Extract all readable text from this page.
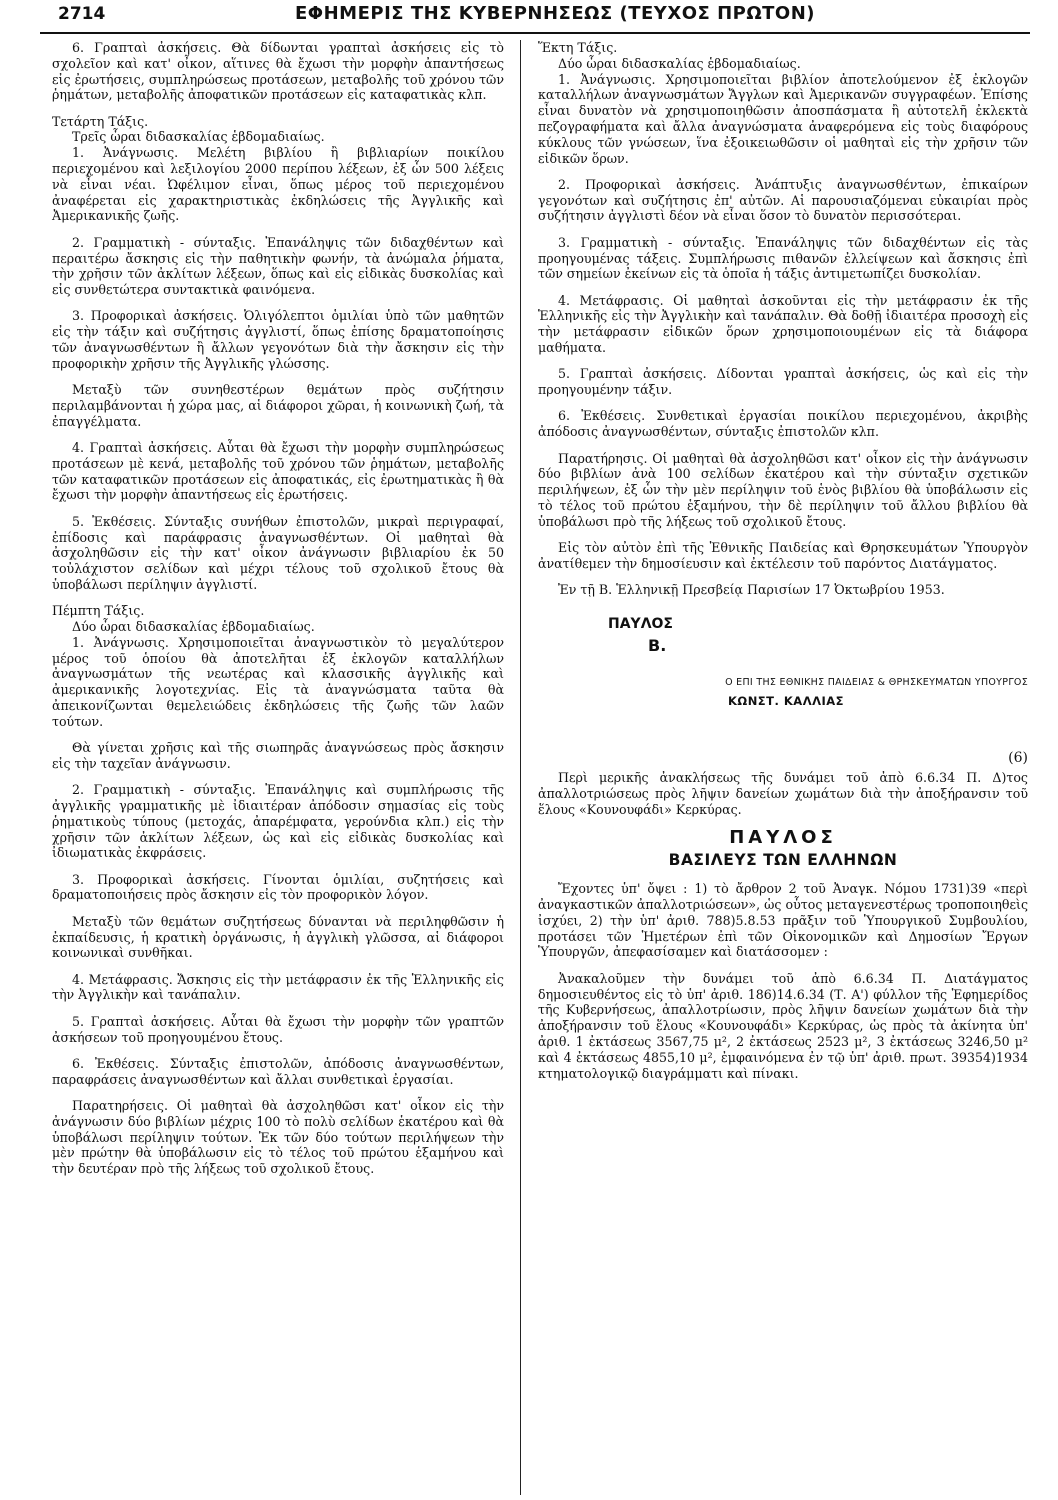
2714	ΕΦΗΜΕΡΙΣ ΤΗΣ ΚΥΒΕΡΝΗΣΕΩΣ (ΤΕΥΧΟΣ ΠΡΩΤΟΝ)

6. Γραπταὶ ἀσκήσεις. Θὰ δίδωνται γραπταὶ ἀσκήσεις εἰς τὸ σχολεῖον καὶ κατ' οἶκον, αἵτινες θὰ ἔχωσι τὴν μορφὴν ἀπαντήσεως εἰς ἐρωτήσεις, συμπληρώσεως προτάσεων, μεταβολῆς τοῦ χρόνου τῶν ῥημάτων, μεταβολῆς ἀποφατικῶν προτάσεων εἰς καταφατικὰς κλπ.

Τετάρτη Τάξις.

Τρεῖς ὧραι διδασκαλίας ἑβδομαδιαίως.

1. Ἀνάγνωσις. Μελέτη βιβλίου ἢ βιβλιαρίων ποικίλου περιεχομένου καὶ λεξιλογίου 2000 περίπου λέξεων, ἐξ ὧν 500 λέξεις νὰ εἶναι νέαι. Ὠφέλιμον εἶναι, ὅπως μέρος τοῦ περιεχομένου ἀναφέρεται εἰς χαρακτηριστικὰς ἐκδηλώσεις τῆς Ἀγγλικῆς καὶ Ἀμερικανικῆς ζωῆς.

2. Γραμματικὴ - σύνταξις. Ἐπανάληψις τῶν διδαχθέντων καὶ περαιτέρω ἄσκησις εἰς τὴν παθητικὴν φωνήν, τὰ ἀνώμαλα ῥήματα, τὴν χρῆσιν τῶν ἀκλίτων λέξεων, ὅπως καὶ εἰς εἰδικὰς δυσκολίας καὶ εἰς συνθετώτερα συντακτικὰ φαινόμενα.

3. Προφορικαὶ ἀσκήσεις. Ὀλιγόλεπτοι ὁμιλίαι ὑπὸ τῶν μαθητῶν εἰς τὴν τάξιν καὶ συζήτησις ἀγγλιστί, ὅπως ἐπίσης δραματοποίησις τῶν ἀναγνωσθέντων ἢ ἄλλων γεγονότων διὰ τὴν ἄσκησιν εἰς τὴν προφορικὴν χρῆσιν τῆς Ἀγγλικῆς γλώσσης.

Μεταξὺ τῶν συνηθεστέρων θεμάτων πρὸς συζήτησιν περιλαμβάνονται ἡ χώρα μας, αἱ διάφοροι χῶραι, ἡ κοινωνικὴ ζωή, τὰ ἐπαγγέλματα.

4. Γραπταὶ ἀσκήσεις. Αὗται θὰ ἔχωσι τὴν μορφὴν συμπληρώσεως προτάσεων μὲ κενά, μεταβολῆς τοῦ χρόνου τῶν ῥημάτων, μεταβολῆς τῶν καταφατικῶν προτάσεων εἰς ἀποφατικάς, εἰς ἐρωτηματικὰς ἢ θὰ ἔχωσι τὴν μορφὴν ἀπαντήσεως εἰς ἐρωτήσεις.

5. Ἐκθέσεις. Σύνταξις συνήθων ἐπιστολῶν, μικραὶ περιγραφαί, ἐπίδοσις καὶ παράφρασις ἀναγνωσθέντων. Οἱ μαθηταὶ θὰ ἀσχοληθῶσιν εἰς τὴν κατ' οἶκον ἀνάγνωσιν βιβλιαρίου ἐκ 50 τοὐλάχιστον σελίδων καὶ μέχρι τέλους τοῦ σχολικοῦ ἔτους θὰ ὑποβάλωσι περίληψιν ἀγγλιστί.

Πέμπτη Τάξις.

Δύο ὧραι διδασκαλίας ἑβδομαδιαίως.

1. Ἀνάγνωσις. Χρησιμοποιεῖται ἀναγνωστικὸν τὸ μεγαλύτερον μέρος τοῦ ὁποίου θὰ ἀποτελῆται ἐξ ἐκλογῶν καταλλήλων ἀναγνωσμάτων τῆς νεωτέρας καὶ κλασσικῆς ἀγγλικῆς καὶ ἀμερικανικῆς λογοτεχνίας. Εἰς τὰ ἀναγνώσματα ταῦτα θὰ ἀπεικονίζωνται θεμελειώδεις ἐκδηλώσεις τῆς ζωῆς τῶν λαῶν τούτων.

Θὰ γίνεται χρῆσις καὶ τῆς σιωπηρᾶς ἀναγνώσεως πρὸς ἄσκησιν εἰς τὴν ταχεῖαν ἀνάγνωσιν.

2. Γραμματικὴ - σύνταξις. Ἐπανάληψις καὶ συμπλήρωσις τῆς ἀγγλικῆς γραμματικῆς μὲ ἰδιαιτέραν ἀπόδοσιν σημασίας εἰς τοὺς ῥηματικοὺς τύπους (μετοχάς, ἀπαρέμφατα, γερούνδια κλπ.) εἰς τὴν χρῆσιν τῶν ἀκλίτων λέξεων, ὡς καὶ εἰς εἰδικὰς δυσκολίας καὶ ἰδιωματικὰς ἐκφράσεις.

3. Προφορικαὶ ἀσκήσεις. Γίνονται ὁμιλίαι, συζητήσεις καὶ δραματοποιήσεις πρὸς ἄσκησιν εἰς τὸν προφορικὸν λόγον.

Μεταξὺ τῶν θεμάτων συζητήσεως δύνανται νὰ περιληφθῶσιν ἡ ἐκπαίδευσις, ἡ κρατικὴ ὀργάνωσις, ἡ ἀγγλικὴ γλῶσσα, αἱ διάφοροι κοινωνικαὶ συνθῆκαι.

4. Μετάφρασις. Ἄσκησις εἰς τὴν μετάφρασιν ἐκ τῆς Ἑλληνικῆς εἰς τὴν Ἀγγλικὴν καὶ τανάπαλιν.

5. Γραπταὶ ἀσκήσεις. Αὗται θὰ ἔχωσι τὴν μορφὴν τῶν γραπτῶν ἀσκήσεων τοῦ προηγουμένου ἔτους.

6. Ἐκθέσεις. Σύνταξις ἐπιστολῶν, ἀπόδοσις ἀναγνωσθέντων, παραφράσεις ἀναγνωσθέντων καὶ ἄλλαι συνθετικαὶ ἐργασίαι.

Παρατηρήσεις. Οἱ μαθηταὶ θὰ ἀσχοληθῶσι κατ' οἶκον εἰς τὴν ἀνάγνωσιν δύο βιβλίων μέχρις 100 τὸ πολὺ σελίδων ἑκατέρου καὶ θὰ ὑποβάλωσι περίληψιν τούτων. Ἐκ τῶν δύο τούτων περιλήψεων τὴν μὲν πρώτην θὰ ὑποβάλωσιν εἰς τὸ τέλος τοῦ πρώτου ἑξαμήνου καὶ τὴν δευτέραν πρὸ τῆς λήξεως τοῦ σχολικοῦ ἔτους.

Ἕκτη Τάξις.

Δύο ὧραι διδασκαλίας ἑβδομαδιαίως.

1. Ἀνάγνωσις. Χρησιμοποιεῖται βιβλίον ἀποτελούμενον ἐξ ἐκλογῶν καταλλήλων ἀναγνωσμάτων Ἄγγλων καὶ Ἀμερικανῶν συγγραφέων. Ἐπίσης εἶναι δυνατὸν νὰ χρησιμοποιηθῶσιν ἀποσπάσματα ἢ αὐτοτελῆ ἐκλεκτὰ πεζογραφήματα καὶ ἄλλα ἀναγνώσματα ἀναφερόμενα εἰς τοὺς διαφόρους κύκλους τῶν γνώσεων, ἵνα ἐξοικειωθῶσιν οἱ μαθηταὶ εἰς τὴν χρῆσιν τῶν εἰδικῶν ὅρων.

2. Προφορικαὶ ἀσκήσεις. Ἀνάπτυξις ἀναγνωσθέντων, ἐπικαίρων γεγονότων καὶ συζήτησις ἐπ' αὐτῶν. Αἱ παρουσιαζόμεναι εὐκαιρίαι πρὸς συζήτησιν ἀγγλιστὶ δέον νὰ εἶναι ὅσον τὸ δυνατὸν περισσότεραι.

3. Γραμματικὴ - σύνταξις. Ἐπανάληψις τῶν διδαχθέντων εἰς τὰς προηγουμένας τάξεις. Συμπλήρωσις πιθανῶν ἐλλείψεων καὶ ἄσκησις ἐπὶ τῶν σημείων ἐκείνων εἰς τὰ ὁποῖα ἡ τάξις ἀντιμετωπίζει δυσκολίαν.

4. Μετάφρασις. Οἱ μαθηταὶ ἀσκοῦνται εἰς τὴν μετάφρασιν ἐκ τῆς Ἑλληνικῆς εἰς τὴν Ἀγγλικὴν καὶ τανάπαλιν. Θὰ δοθῇ ἰδιαιτέρα προσοχὴ εἰς τὴν μετάφρασιν εἰδικῶν ὅρων χρησιμοποιουμένων εἰς τὰ διάφορα μαθήματα.

5. Γραπταὶ ἀσκήσεις. Δίδονται γραπταὶ ἀσκήσεις, ὡς καὶ εἰς τὴν προηγουμένην τάξιν.

6. Ἐκθέσεις. Συνθετικαὶ ἐργασίαι ποικίλου περιεχομένου, ἀκριβὴς ἀπόδοσις ἀναγνωσθέντων, σύνταξις ἐπιστολῶν κλπ.

Παρατήρησις. Οἱ μαθηταὶ θὰ ἀσχοληθῶσι κατ' οἶκον εἰς τὴν ἀνάγνωσιν δύο βιβλίων ἀνὰ 100 σελίδων ἑκατέρου καὶ τὴν σύνταξιν σχετικῶν περιλήψεων, ἐξ ὧν τὴν μὲν περίληψιν τοῦ ἑνὸς βιβλίου θὰ ὑποβάλωσιν εἰς τὸ τέλος τοῦ πρώτου ἑξαμήνου, τὴν δὲ περίληψιν τοῦ ἄλλου βιβλίου θὰ ὑποβάλωσι πρὸ τῆς λήξεως τοῦ σχολικοῦ ἔτους.

Εἰς τὸν αὐτὸν ἐπὶ τῆς Ἐθνικῆς Παιδείας καὶ Θρησκευμάτων Ὑπουργὸν ἀνατίθεμεν τὴν δημοσίευσιν καὶ ἐκτέλεσιν τοῦ παρόντος Διατάγματος.

Ἐν τῇ Β. Ἑλληνικῇ Πρεσβείᾳ Παρισίων 17 Ὀκτωβρίου 1953.

ΠΑΥΛΟΣ
Β.
Ο ΕΠΙ ΤΗΣ ΕΘΝΙΚΗΣ ΠΑΙΔΕΙΑΣ & ΘΡΗΣΚΕΥΜΑΤΩΝ ΥΠΟΥΡΓΟΣ
ΚΩΝΣΤ. ΚΑΛΛΙΑΣ
(6)

Περὶ μερικῆς ἀνακλήσεως τῆς δυνάμει τοῦ ἀπὸ 6.6.34 Π. Δ)τος ἀπαλλοτριώσεως πρὸς λῆψιν δανείων χωμάτων διὰ τὴν ἀποξήρανσιν τοῦ ἕλους «Κουνουφάδι» Κερκύρας.

ΠΑΥΛΟΣ
ΒΑΣΙΛΕΥΣ ΤΩΝ ΕΛΛΗΝΩΝ

Ἔχοντες ὑπ' ὄψει : 1) τὸ ἄρθρον 2 τοῦ Ἀναγκ. Νόμου 1731)39 «περὶ ἀναγκαστικῶν ἀπαλλοτριώσεων», ὡς οὗτος μεταγενεστέρως τροποποιηθεὶς ἰσχύει, 2) τὴν ὑπ' ἀριθ. 788)5.8.53 πρᾶξιν τοῦ Ὑπουργικοῦ Συμβουλίου, προτάσει τῶν Ἡμετέρων ἐπὶ τῶν Οἰκονομικῶν καὶ Δημοσίων Ἔργων Ὑπουργῶν, ἀπεφασίσαμεν καὶ διατάσσομεν :

Ἀνακαλοῦμεν τὴν δυνάμει τοῦ ἀπὸ 6.6.34 Π. Διατάγματος δημοσιευθέντος εἰς τὸ ὑπ' ἀριθ. 186)14.6.34 (Τ. Α') φύλλον τῆς Ἐφημερίδος τῆς Κυβερνήσεως, ἀπαλλοτρίωσιν, πρὸς λῆψιν δανείων χωμάτων διὰ τὴν ἀποξήρανσιν τοῦ ἕλους «Κουνουφάδι» Κερκύρας, ὡς πρὸς τὰ ἀκίνητα ὑπ' ἀριθ. 1 ἐκτάσεως 3567,75 μ², 2 ἐκτάσεως 2523 μ², 3 ἐκτάσεως 3246,50 μ² καὶ 4 ἐκτάσεως 4855,10 μ², ἐμφαινόμενα ἐν τῷ ὑπ' ἀριθ. πρωτ. 39354)1934 κτηματολογικῷ διαγράμματι καὶ πίνακι.
